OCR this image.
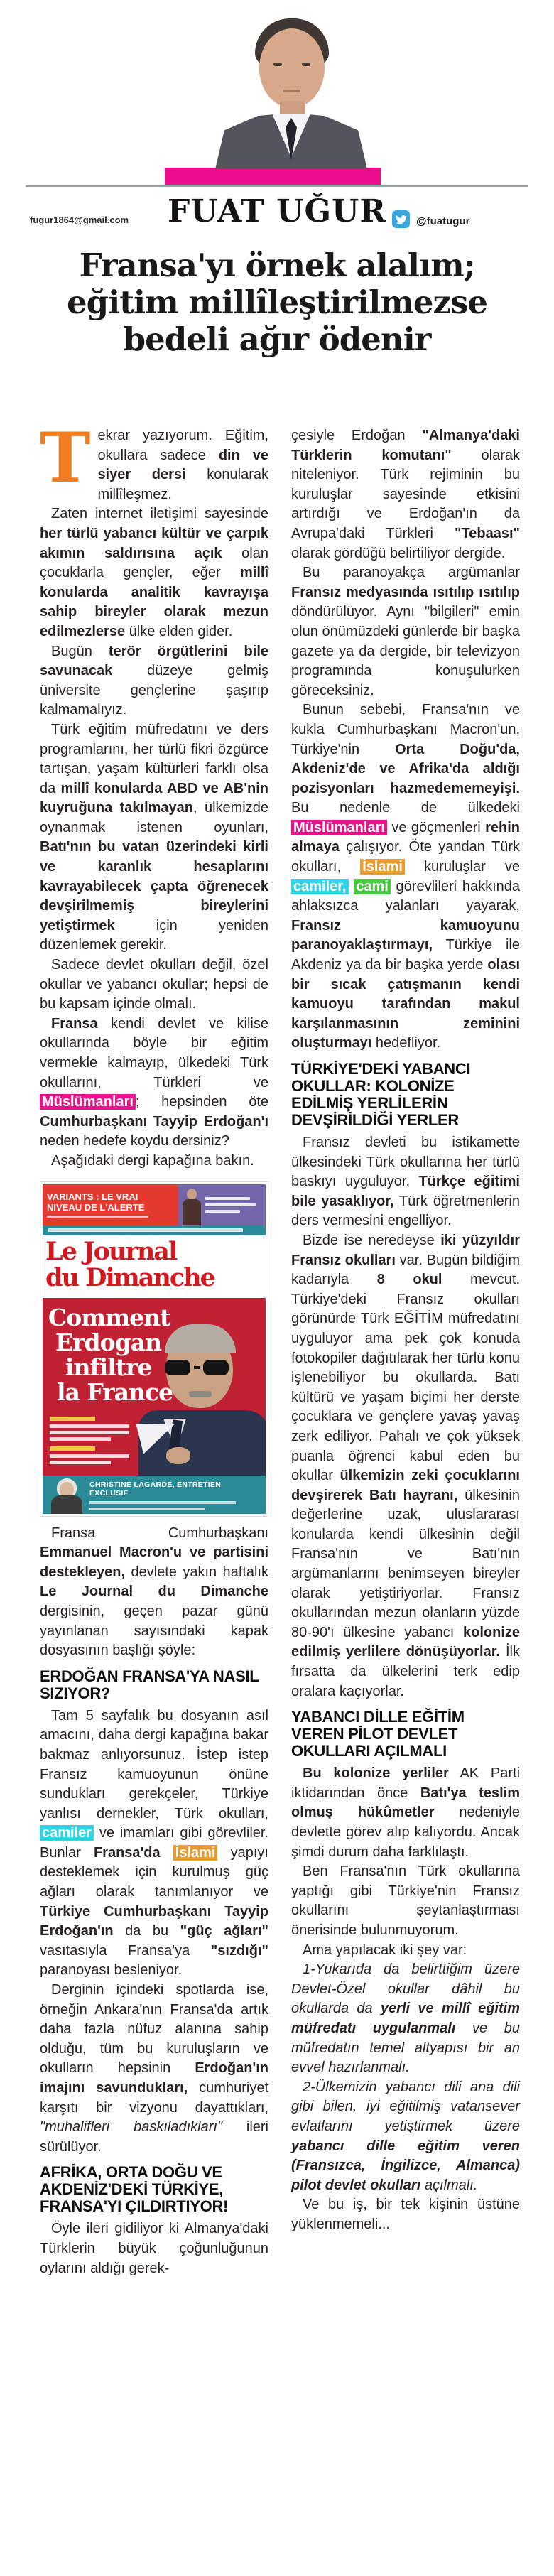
fugur1864@gmail.com	FUAT UĞUR	@fuatugur
Fransa'yı örnek alalım;
eğitim millîleştirilmezse
bedeli ağır ödenir

Tekrar yazıyorum. Eğitim, okullara sadece din ve siyer dersi konularak millîleşmez.

Zaten internet iletişimi sayesinde her türlü yabancı kültür ve çarpık akımın saldırısına açık olan çocuklarla gençler, eğer millî konularda analitik kavrayışa sahip bireyler olarak mezun edilmezlerse ülke elden gider.

Bugün terör örgütlerini bile savunacak düzeye gelmiş üniversite gençlerine şaşırıp kalmamalıyız.

Türk eğitim müfredatını ve ders programlarını, her türlü fikri özgürce tartışan, yaşam kültürleri farklı olsa da millî konularda ABD ve AB'nin kuyruğuna takılmayan, ülkemizde oynanmak istenen oyunları, Batı'nın bu vatan üzerindeki kirli ve karanlık hesaplarını kavrayabilecek çapta öğrenecek devşirilmemiş bireylerini yetiştirmek için yeniden düzenlemek gerekir.

Sadece devlet okulları değil, özel okullar ve yabancı okullar; hepsi de bu kapsam içinde olmalı.

Fransa kendi devlet ve kilise okullarında böyle bir eğitim vermekle kalmayıp, ülkedeki Türk okullarını, Türkleri ve Müslümanları ; hepsinden öte Cumhurbaşkanı Tayyip Erdoğan'ı neden hedefe koydu dersiniz?

Aşağıdaki dergi kapağına bakın.

VARIANTS : LE VRAI
NIVEAU DE L'ALERTE
Le Journal
du Dimanche
Comment
Erdogan
infiltre
la France
CHRISTINE LAGARDE, ENTRETIEN EXCLUSIF

Fransa Cumhurbaşkanı Emmanuel Macron'u ve partisini destekleyen, devlete yakın haftalık Le Journal du Dimanche dergisinin, geçen pazar günü yayınlanan sayısındaki kapak dosyasının başlığı şöyle:

ERDOĞAN FRANSA'YA NASIL SIZIYOR?

Tam 5 sayfalık bu dosyanın asıl amacını, daha dergi kapağına bakar bakmaz anlıyorsunuz. İstep istep Fransız kamuoyunun önüne sundukları gerekçeler, Türkiye yanlısı dernekler, Türk okulları, camiler ve imamları gibi görevliler. Bunlar Fransa'da İslami yapıyı desteklemek için kurulmuş güç ağları olarak tanımlanıyor ve Türkiye Cumhurbaşkanı Tayyip Erdoğan'ın da bu "güç ağları" vasıtasıyla Fransa'ya "sızdığı" paranoyası besleniyor.

Derginin içindeki spotlarda ise, örneğin Ankara'nın Fransa'da artık daha fazla nüfuz alanına sahip olduğu, tüm bu kuruluşların ve okulların hepsinin Erdoğan'ın imajını savundukları, cumhuriyet karşıtı bir vizyonu dayattıkları, "muhalifleri baskıladıkları" ileri sürülüyor.

AFRİKA, ORTA DOĞU VE AKDENİZ'DEKİ TÜRKİYE, FRANSA'YI ÇILDIRTIYOR!

Öyle ileri gidiliyor ki Almanya'daki Türklerin büyük çoğunluğunun oylarını aldığı gerek-

çesiyle Erdoğan "Almanya'daki Türklerin komutanı" olarak niteleniyor. Türk rejiminin bu kuruluşlar sayesinde etkisini artırdığı ve Erdoğan'ın da Avrupa'daki Türkleri "Tebaası" olarak gördüğü belirtiliyor dergide.

Bu paranoyakça argümanlar Fransız medyasında ısıtılıp ısıtılıp döndürülüyor. Aynı "bilgileri" emin olun önümüzdeki günlerde bir başka gazete ya da dergide, bir televizyon programında konuşulurken göreceksiniz.

Bunun sebebi, Fransa'nın ve kukla Cumhurbaşkanı Macron'un, Türkiye'nin Orta Doğu'da, Akdeniz'de ve Afrika'da aldığı pozisyonları hazmedememeyişi. Bu nedenle de ülkedeki Müslümanları ve göçmenleri rehin almaya çalışıyor. Öte yandan Türk okulları, İslami kuruluşlar ve camiler, cami görevlileri hakkında ahlaksızca yalanları yayarak, Fransız kamuoyunu paranoyaklaştırmayı, Türkiye ile Akdeniz ya da bir başka yerde olası bir sıcak çatışmanın kendi kamuoyu tarafından makul karşılanmasının zeminini oluşturmayı hedefliyor.

TÜRKİYE'DEKİ YABANCI OKULLAR: KOLONİZE EDİLMİŞ YERLİLERİN DEVŞİRİLDİĞİ YERLER

Fransız devleti bu istikamette ülkesindeki Türk okullarına her türlü baskıyı uyguluyor. Türkçe eğitimi bile yasaklıyor, Türk öğretmenlerin ders vermesini engelliyor.

Bizde ise neredeyse iki yüzyıldır Fransız okulları var. Bugün bildiğim kadarıyla 8 okul mevcut. Türkiye'deki Fransız okulları görünürde Türk EĞİTİM müfredatını uyguluyor ama pek çok konuda fotokopiler dağıtılarak her türlü konu işlenebiliyor bu okullarda. Batı kültürü ve yaşam biçimi her derste çocuklara ve gençlere yavaş yavaş zerk ediliyor. Pahalı ve çok yüksek puanla öğrenci kabul eden bu okullar ülkemizin zeki çocuklarını devşirerek Batı hayranı, ülkesinin değerlerine uzak, uluslararası konularda kendi ülkesinin değil Fransa'nın ve Batı'nın argümanlarını benimseyen bireyler olarak yetiştiriyorlar. Fransız okullarından mezun olanların yüzde 80-90'ı ülkesine yabancı kolonize edilmiş yerlilere dönüşüyorlar. İlk fırsatta da ülkelerini terk edip oralara kaçıyorlar.

YABANCI DİLLE EĞİTİM VEREN PİLOT DEVLET OKULLARI AÇILMALI

Bu kolonize yerliler AK Parti iktidarından önce Batı'ya teslim olmuş hükûmetler nedeniyle devlette görev alıp kalıyordu. Ancak şimdi durum daha farklılaştı.

Ben Fransa'nın Türk okullarına yaptığı gibi Türkiye'nin Fransız okullarını şeytanlaştırması önerisinde bulunmuyorum.

Ama yapılacak iki şey var:

1-Yukarıda da belirttiğim üzere Devlet-Özel okullar dâhil bu okullarda da yerli ve millî eğitim müfredatı uygulanmalı ve bu müfredatın temel altyapısı bir an evvel hazırlanmalı.

2-Ülkemizin yabancı dili ana dili gibi bilen, iyi eğitilmiş vatansever evlatlarını yetiştirmek üzere yabancı dille eğitim veren (Fransızca, İngilizce, Almanca) pilot devlet okulları açılmalı.

Ve bu iş, bir tek kişinin üstüne yüklenmemeli...
